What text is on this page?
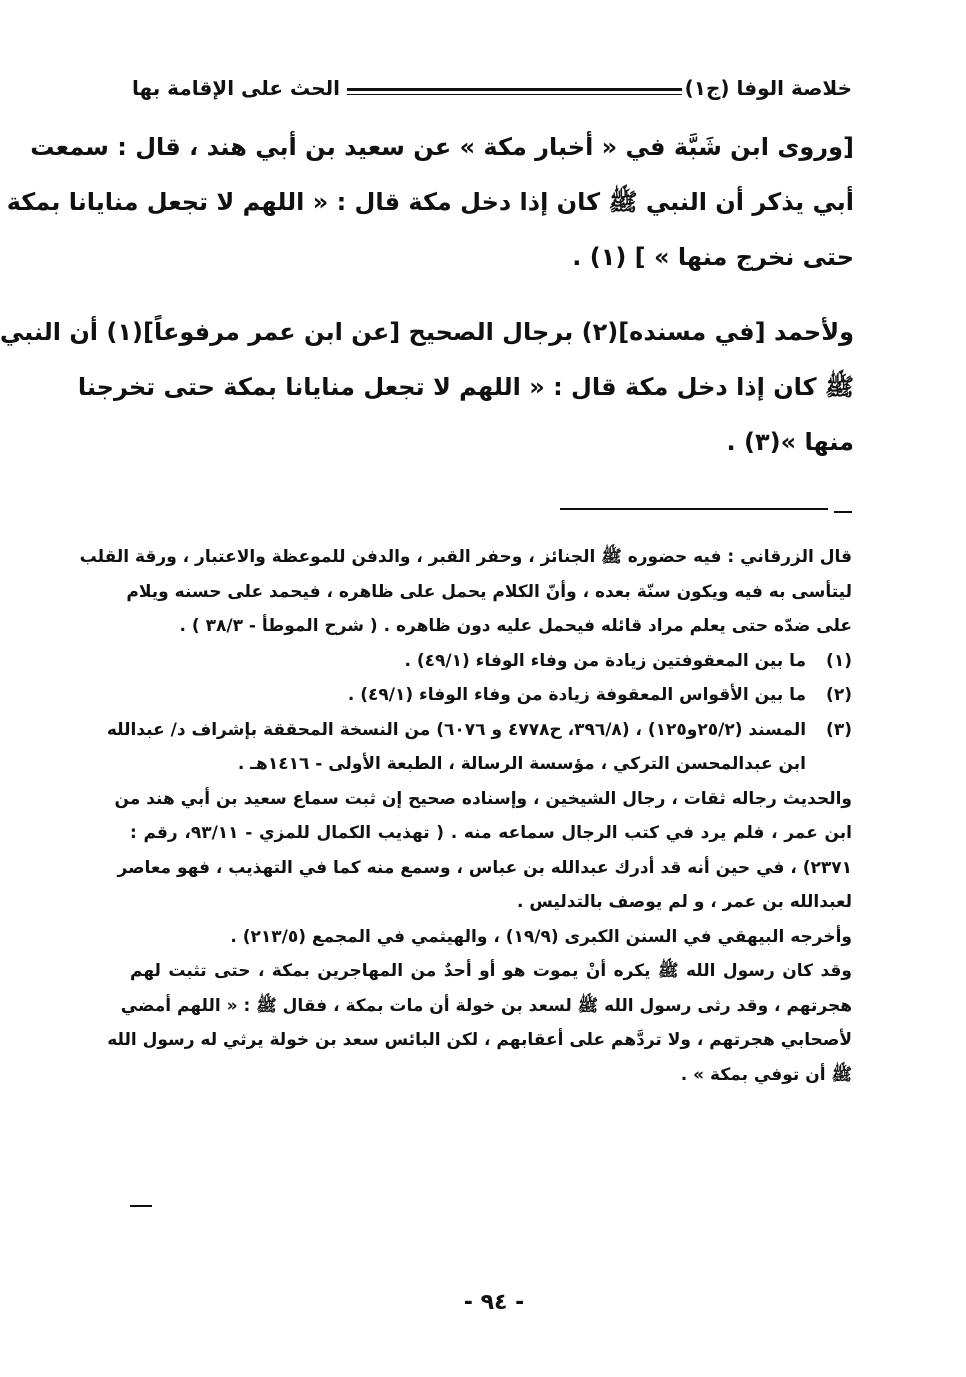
خلاصة الوفا (ج١)
الحث على الإقامة بها
[وروى ابن شَبَّة في « أخبار مكة » عن سعيد بن أبي هند ، قال : سمعت
أبي يذكر أن النبي ﷺ كان إذا دخل مكة قال : « اللهم لا تجعل منايانا بمكة
حتى نخرج منها » ] (١) .
ولأحمد [في مسنده](٢) برجال الصحيح [عن ابن عمر مرفوعاً](١) أن النبي
ﷺ كان إذا دخل مكة قال : « اللهم لا تجعل منايانا بمكة حتى تخرجنا
منها »(٣) .
قال الزرقاني : فيه حضوره ﷺ الجنائز ، وحفر القبر ، والدفن للموعظة والاعتبار ، ورقة القلب
ليتأسى به فيه ويكون سنّة بعده ، وأنّ الكلام يحمل على ظاهره ، فيحمد على حسنه ويلام
على ضدّه حتى يعلم مراد قائله فيحمل عليه دون ظاهره . ( شرح الموطأ - ٣٨/٣ ) .
(١) ما بين المعقوفتين زيادة من وفاء الوفاء (٤٩/١) .
(٢) ما بين الأقواس المعقوفة زيادة من وفاء الوفاء (٤٩/١) .
(٣) المسند (٢٥/٢و١٢٥) ، (٣٩٦/٨، ح٤٧٧٨ و ٦٠٧٦) من النسخة المحققة بإشراف د/ عبدالله
ابن عبدالمحسن التركي ، مؤسسة الرسالة ، الطبعة الأولى - ١٤١٦هـ .
والحديث رجاله ثقات ، رجال الشيخين ، وإسناده صحيح إن ثبت سماع سعيد بن أبي هند من
ابن عمر ، فلم يرد في كتب الرجال سماعه منه . ( تهذيب الكمال للمزي - ٩٣/١١، رقم :
٢٣٧١) ، في حين أنه قد أدرك عبدالله بن عباس ، وسمع منه كما في التهذيب ، فهو معاصر
لعبدالله بن عمر ، و لم يوصف بالتدليس .
وأخرجه البيهقي في السنن الكبرى (١٩/٩) ، والهيثمي في المجمع (٢١٣/٥) .
وقد كان رسول الله ﷺ يكره أنْ يموت هو أو أحدٌ من المهاجرين بمكة ، حتى تثبت لهم
هجرتهم ، وقد رثى رسول الله ﷺ لسعد بن خولة أن مات بمكة ، فقال ﷺ : « اللهم أمضي
لأصحابي هجرتهم ، ولا تردَّهم على أعقابهم ، لكن البائس سعد بن خولة يرثي له رسول الله
ﷺ أن توفي بمكة » .
- ٩٤ -
